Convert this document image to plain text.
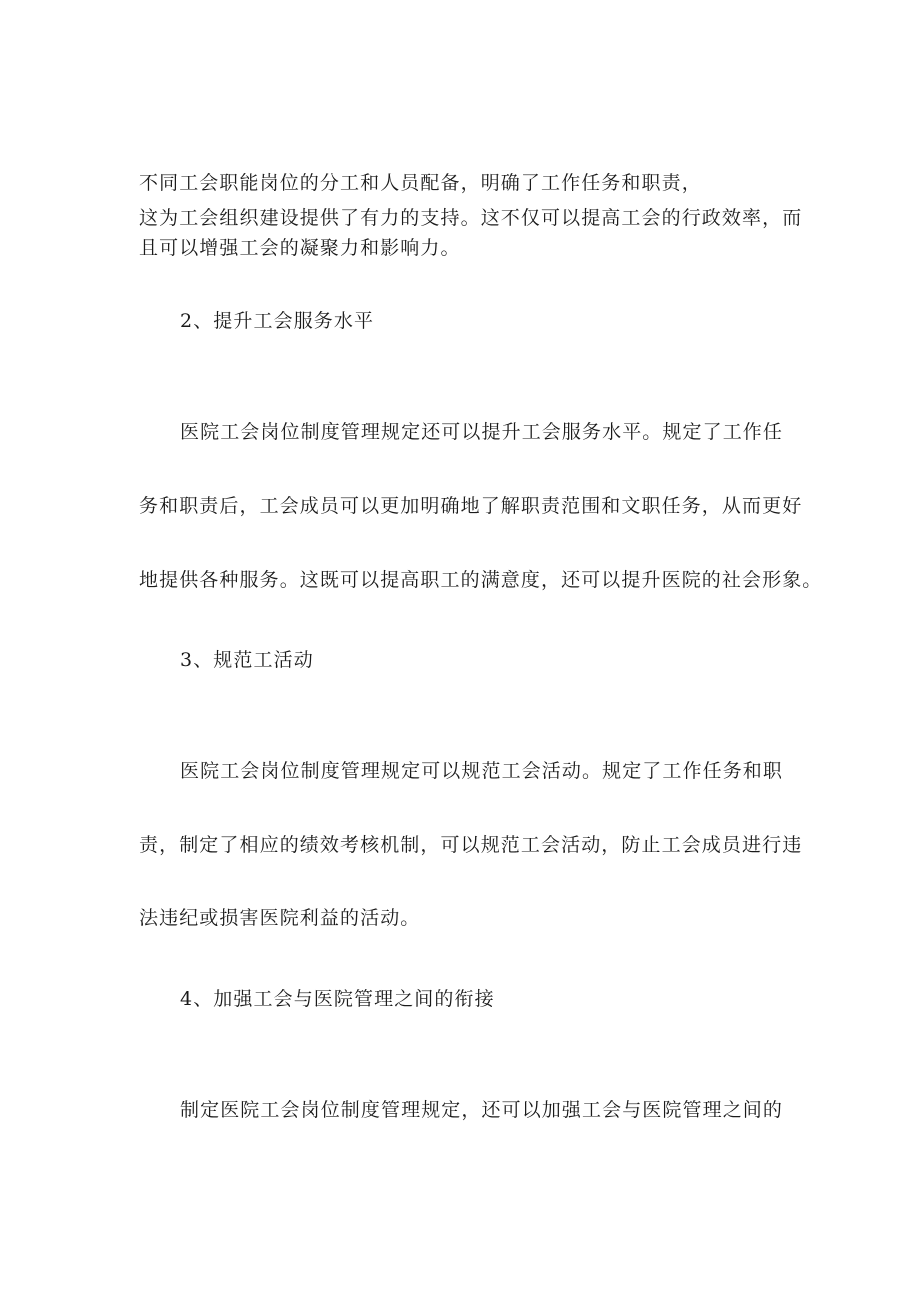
不同工会职能岗位的分工和人员配备，明确了工作任务和职责，
这为工会组织建设提供了有力的支持。这不仅可以提高工会的行政效率，而
且可以增强工会的凝聚力和影响力。
2、提升工会服务水平
医院工会岗位制度管理规定还可以提升工会服务水平。规定了工作任
务和职责后，工会成员可以更加明确地了解职责范围和文职任务，从而更好
地提供各种服务。这既可以提高职工的满意度，还可以提升医院的社会形象。
3、规范工活动
医院工会岗位制度管理规定可以规范工会活动。规定了工作任务和职
责，制定了相应的绩效考核机制，可以规范工会活动，防止工会成员进行违
法违纪或损害医院利益的活动。
4、加强工会与医院管理之间的衔接
制定医院工会岗位制度管理规定，还可以加强工会与医院管理之间的
